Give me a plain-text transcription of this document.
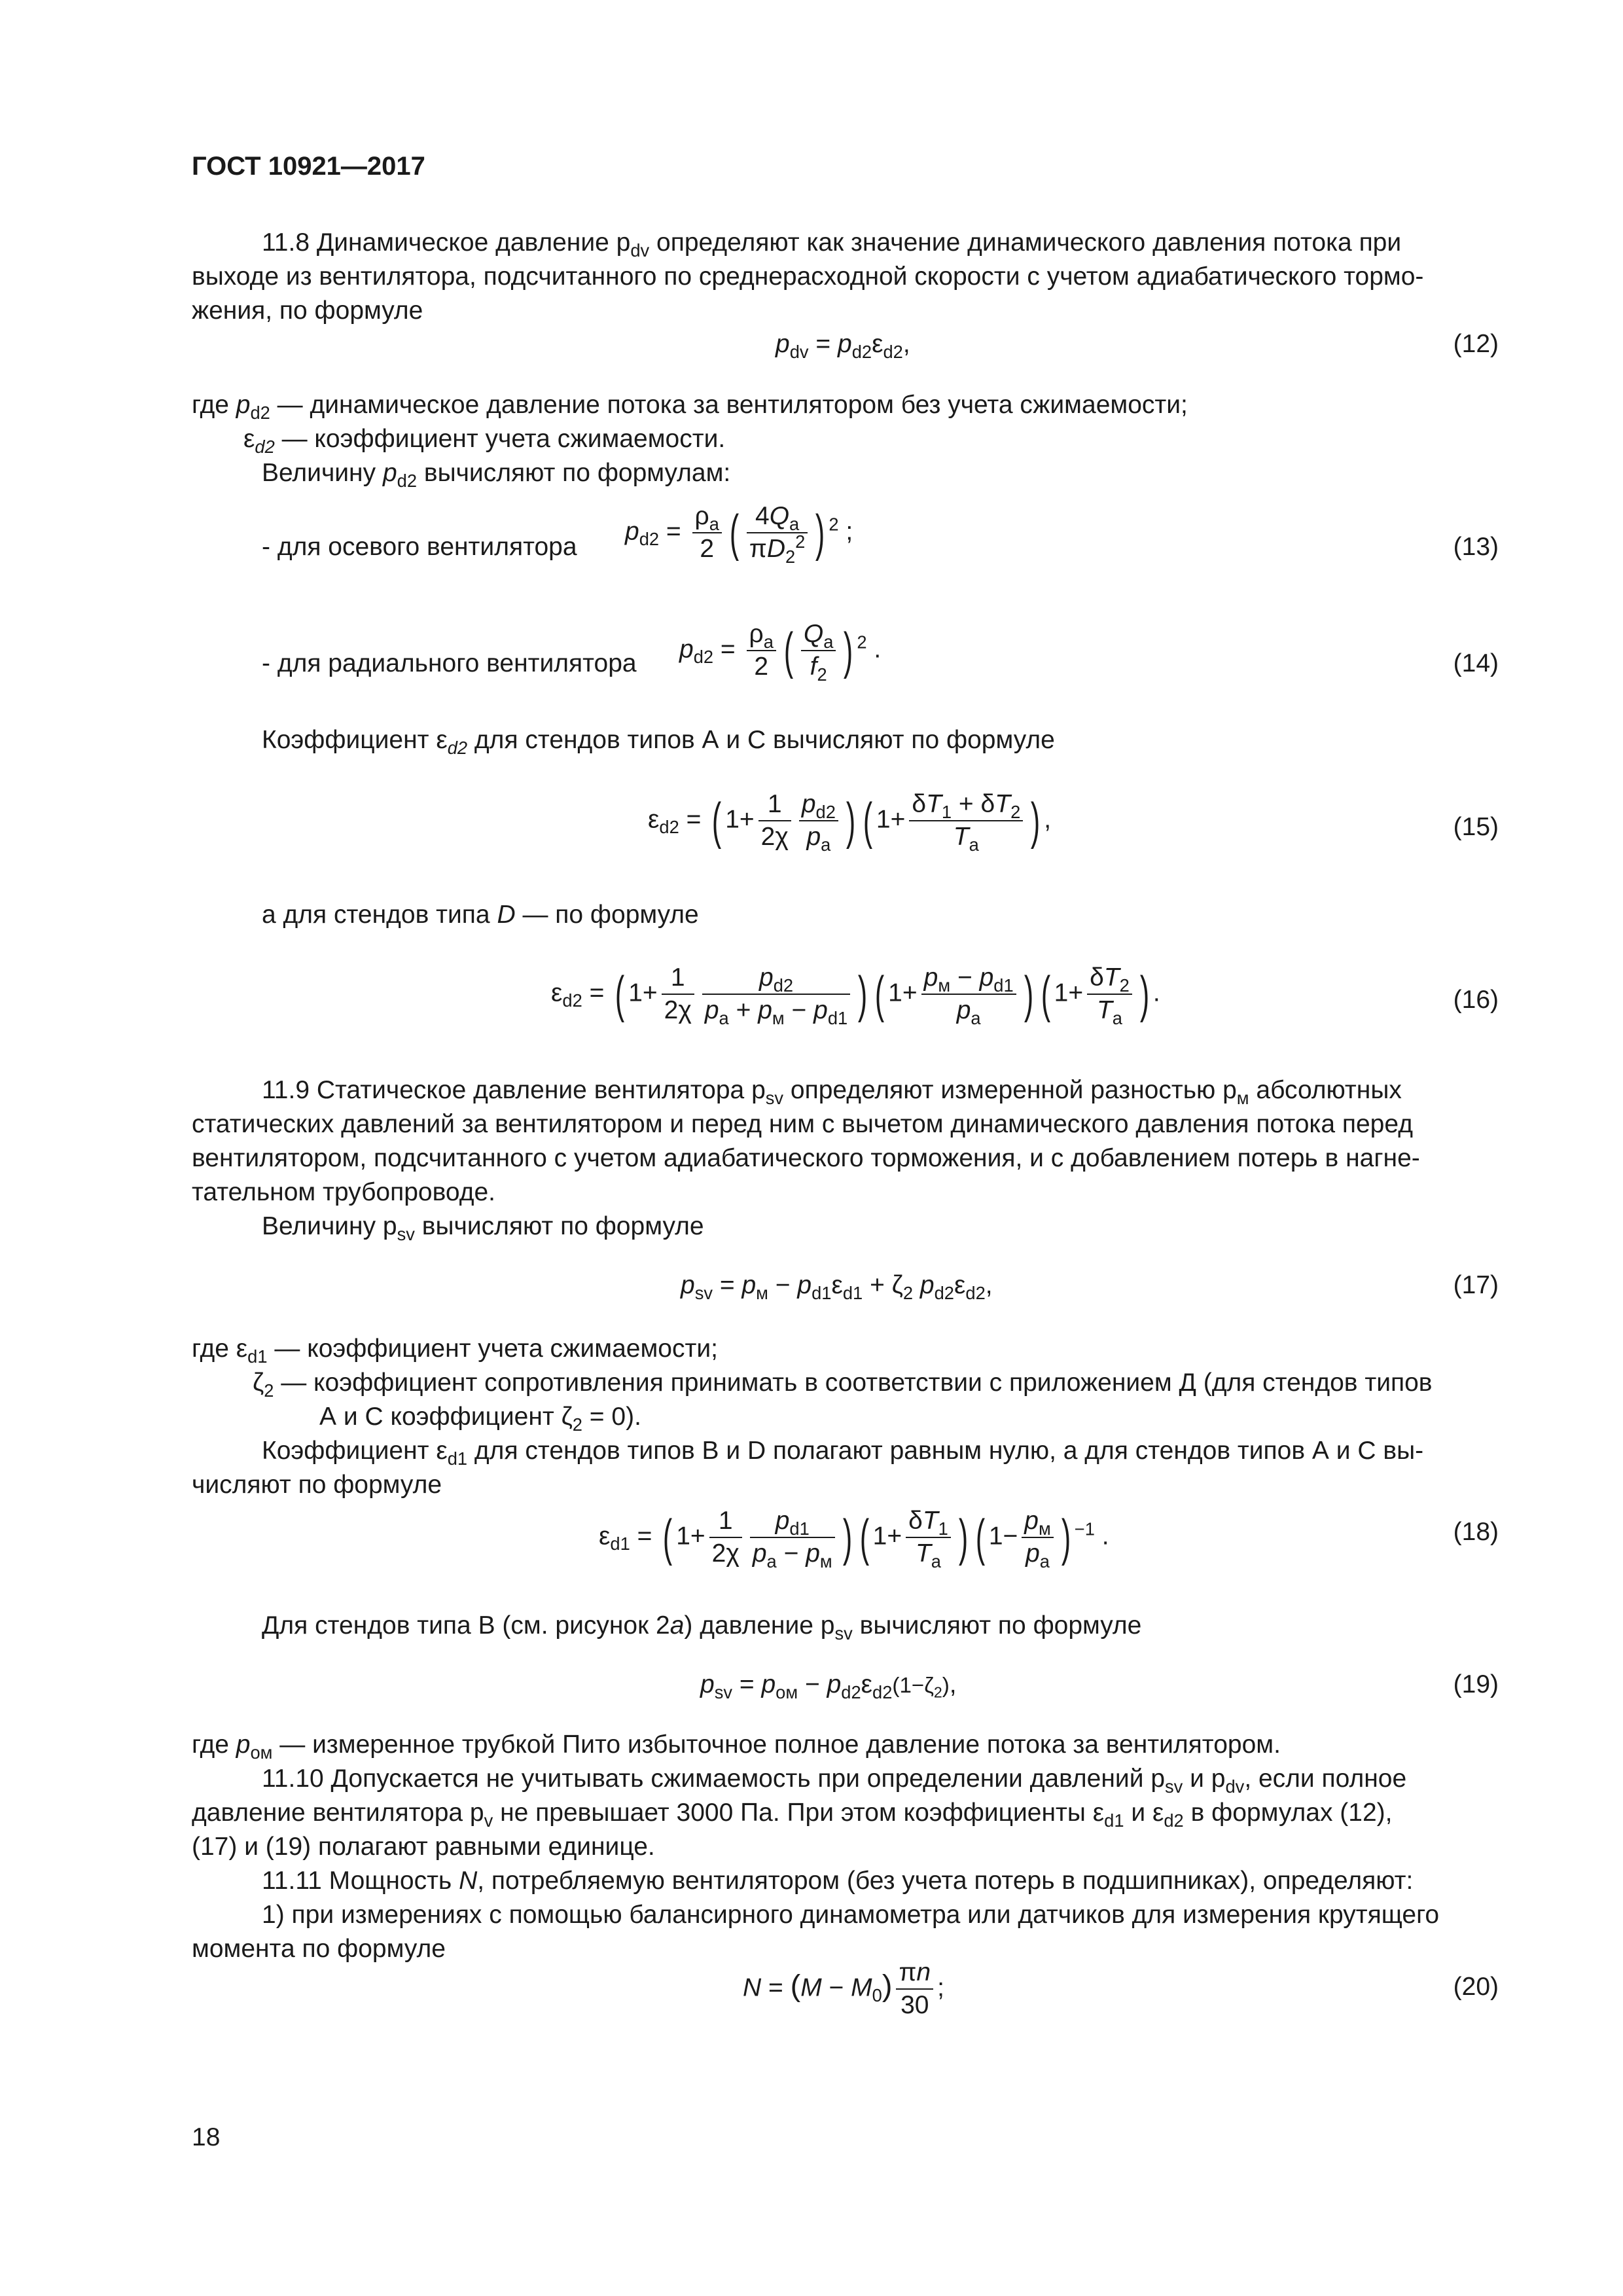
ГОСТ 10921—2017
11.8 Динамическое давление $p_{dv}$ определяют как значение динамического давления потока при
выходе из вентилятора, подсчитанного по среднерасходной скорости с учетом адиабатического тормо-
жения, по формуле
$p_{dv} = p_{d2}\varepsilon_{d2}$,	(12)
где $p_{d2}$ — динамическое давление потока за вентилятором без учета сжимаемости;
$\varepsilon_{d2}$ — коэффициент учета сжимаемости.
Величину $p_{d2}$ вычисляют по формулам:
- для осевого вентилятора
$p_{d2} = \frac{\rho_a}{2}$ ( $\frac{4Q_a}{\pi D_2^2}$ ) $^2$ ;
(13)
- для радиального вентилятора
$p_{d2} = \frac{\rho_a}{2}$ ( $\frac{Q_a}{f_2}$ ) $^2$ .
(14)
Коэффициент $\varepsilon_{d2}$ для стендов типов А и С вычисляют по формуле
$\varepsilon_{d2}$ = ( $1+ \frac{1}{2\chi} \frac{p_{d2}}{p_a}$ ) ( $1+ \frac{\delta T_1 + \delta T_2}{T_a}$ ) ,	(15)
а для стендов типа D — по формуле
$\varepsilon_{d2}$ = ( $1+ \frac{1}{2\chi} \frac{p_{d2}}{p_a + p_м - p_{d1}}$ ) ( $1+ \frac{p_м - p_{d1}}{p_a}$ ) ( $1+ \frac{\delta T_2}{T_a}$ ) .	(16)
11.9 Статическое давление вентилятора $p_{sv}$ определяют измеренной разностью $p_м$ абсолютных
статических давлений за вентилятором и перед ним с вычетом динамического давления потока перед
вентилятором, подсчитанного с учетом адиабатического торможения, и с добавлением потерь в нагне-
тательном трубопроводе.
Величину $p_{sv}$ вычисляют по формуле
$p_{sv} = p_м - p_{d1}\varepsilon_{d1} + \zeta_2$ $p_{d2}\varepsilon_{d2}$,	(17)
где $\varepsilon_{d1}$ — коэффициент учета сжимаемости;
$\zeta_2$ — коэффициент сопротивления принимать в соответствии с приложением Д (для стендов типов
А и С коэффициент $\zeta_2 = 0$).
Коэффициент $\varepsilon_{d1}$ для стендов типов В и D полагают равным нулю, а для стендов типов А и С вы-
числяют по формуле
$\varepsilon_{d1}$ = ( $1+ \frac{1}{2\chi} \frac{p_{d1}}{p_a - p_м}$ ) ( $1+ \frac{\delta T_1}{T_a}$ ) ( $1- \frac{p_м}{p_a}$ ) $^{-1}$ .	(18)
Для стендов типа В (см. рисунок 2а) давление $p_{sv}$ вычисляют по формуле
$p_{sv} = p_{ом} - p_{d2}\varepsilon_{d2}(1-\zeta_2)$,	(19)
где $p_{ом}$ — измеренное трубкой Пито избыточное полное давление потока за вентилятором.
11.10 Допускается не учитывать сжимаемость при определении давлений $p_{sv}$ и $p_{dv}$, если полное
давление вентилятора $p_v$ не превышает 3000 Па. При этом коэффициенты $\varepsilon_{d1}$ и $\varepsilon_{d2}$ в формулах (12),
(17) и (19) полагают равными единице.
11.11 Мощность N, потребляемую вентилятором (без учета потерь в подшипниках), определяют:
1) при измерениях с помощью балансирного динамометра или датчиков для измерения крутящего
момента по формуле
$N = (M - M_0) \frac{\pi n}{30}$ ;	(20)
18
